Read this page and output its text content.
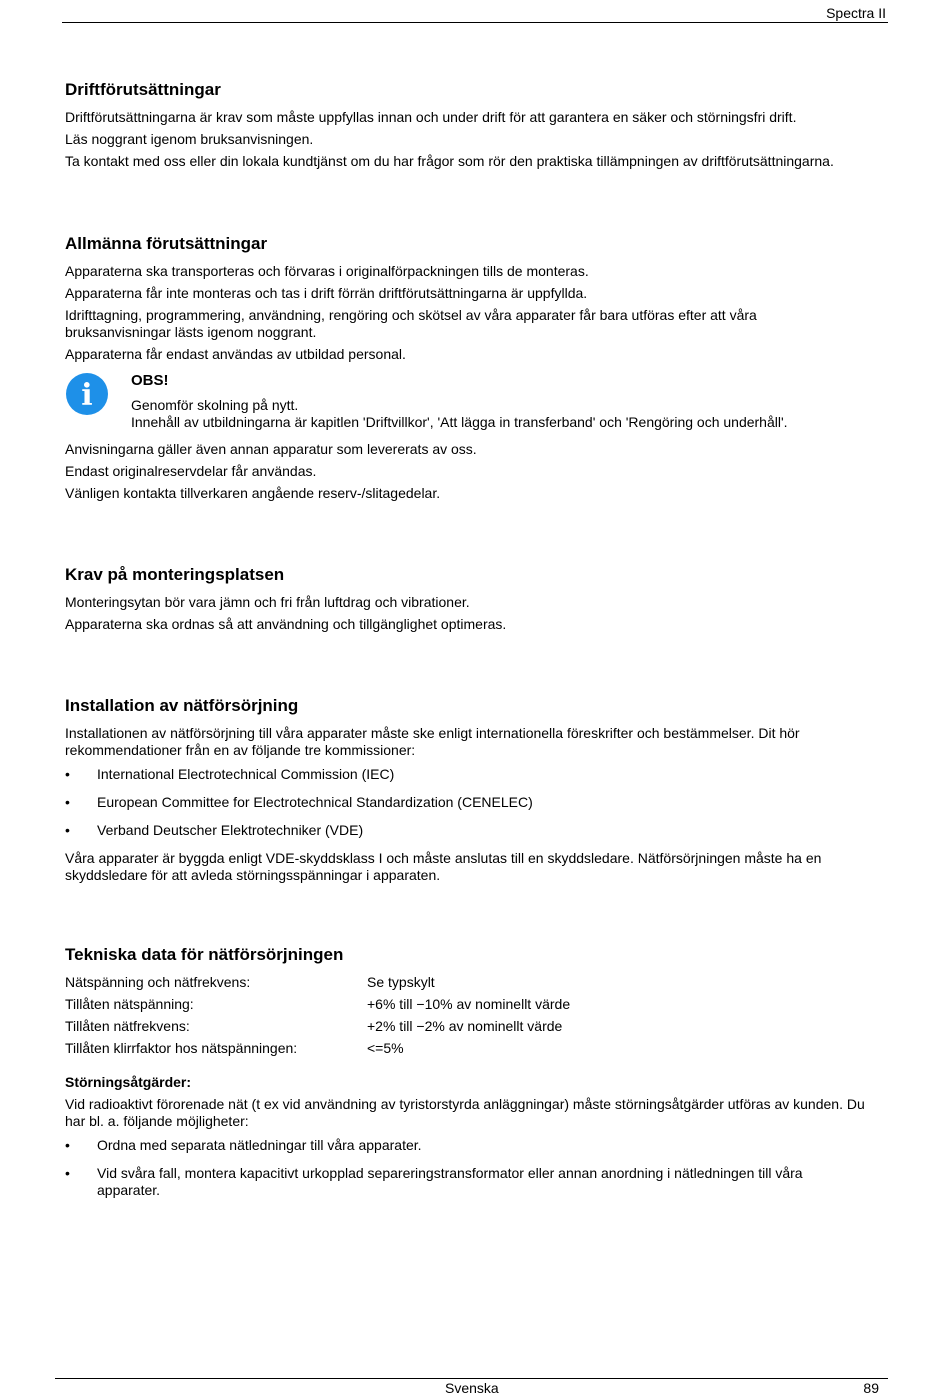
Spectra II
Driftförutsättningar

Driftförutsättningarna är krav som måste uppfyllas innan och under drift för att garantera en säker och störningsfri drift.

Läs noggrant igenom bruksanvisningen.

Ta kontakt med oss eller din lokala kundtjänst om du har frågor som rör den praktiska tillämpningen av driftförutsättningarna.

Allmänna förutsättningar

Apparaterna ska transporteras och förvaras i originalförpackningen tills de monteras.

Apparaterna får inte monteras och tas i drift förrän driftförutsättningarna är uppfyllda.

Idrifttagning, programmering, användning, rengöring och skötsel av våra apparater får bara utföras efter att våra bruksanvisningar lästs igenom noggrant.

Apparaterna får endast användas av utbildad personal.

i	OBS!

Genomför skolning på nytt.

Innehåll av utbildningarna är kapitlen 'Driftvillkor', 'Att lägga in transferband' och 'Rengöring och underhåll'.

Anvisningarna gäller även annan apparatur som levererats av oss.

Endast originalreservdelar får användas.

Vänligen kontakta tillverkaren angående reserv-/slitagedelar.

Krav på monteringsplatsen

Monteringsytan bör vara jämn och fri från luftdrag och vibrationer.

Apparaterna ska ordnas så att användning och tillgänglighet optimeras.

Installation av nätförsörjning

Installationen av nätförsörjning till våra apparater måste ske enligt internationella föreskrifter och bestämmelser. Dit hör rekommendationer från en av följande tre kommissioner:

• International Electrotechnical Commission (IEC)
• European Committee for Electrotechnical Standardization (CENELEC)
• Verband Deutscher Elektrotechniker (VDE)

Våra apparater är byggda enligt VDE-skyddsklass I och måste anslutas till en skyddsledare. Nätförsörjningen måste ha en skyddsledare för att avleda störningsspänningar i apparaten.

Tekniska data för nätförsörjningen
Nätspänning och nätfrekvens:	Se typskylt
Tillåten nätspänning:	+6% till −10% av nominellt värde
Tillåten nätfrekvens:	+2% till −2% av nominellt värde
Tillåten klirrfaktor hos nätspänningen:	<=5%
Störningsåtgärder:

Vid radioaktivt förorenade nät (t ex vid användning av tyristorstyrda anläggningar) måste störningsåtgärder utföras av kunden. Du har bl. a. följande möjligheter:

• Ordna med separata nätledningar till våra apparater.
• Vid svåra fall, montera kapacitivt urkopplad separeringstransformator eller annan anordning i nätledningen till våra apparater.
Svenska	89
